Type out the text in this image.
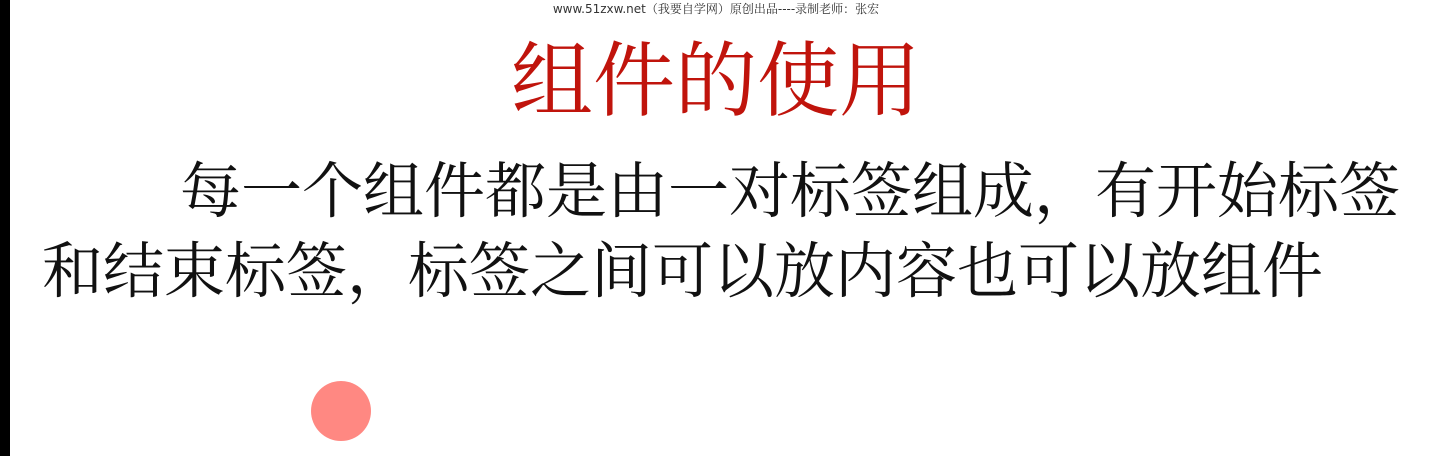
www.51zxw.net（我要自学网）原创出品----录制老师：张宏
组件的使用

每一个组件都是由一对标签组成，有开始标签和结束标签，标签之间可以放内容也可以放组件
